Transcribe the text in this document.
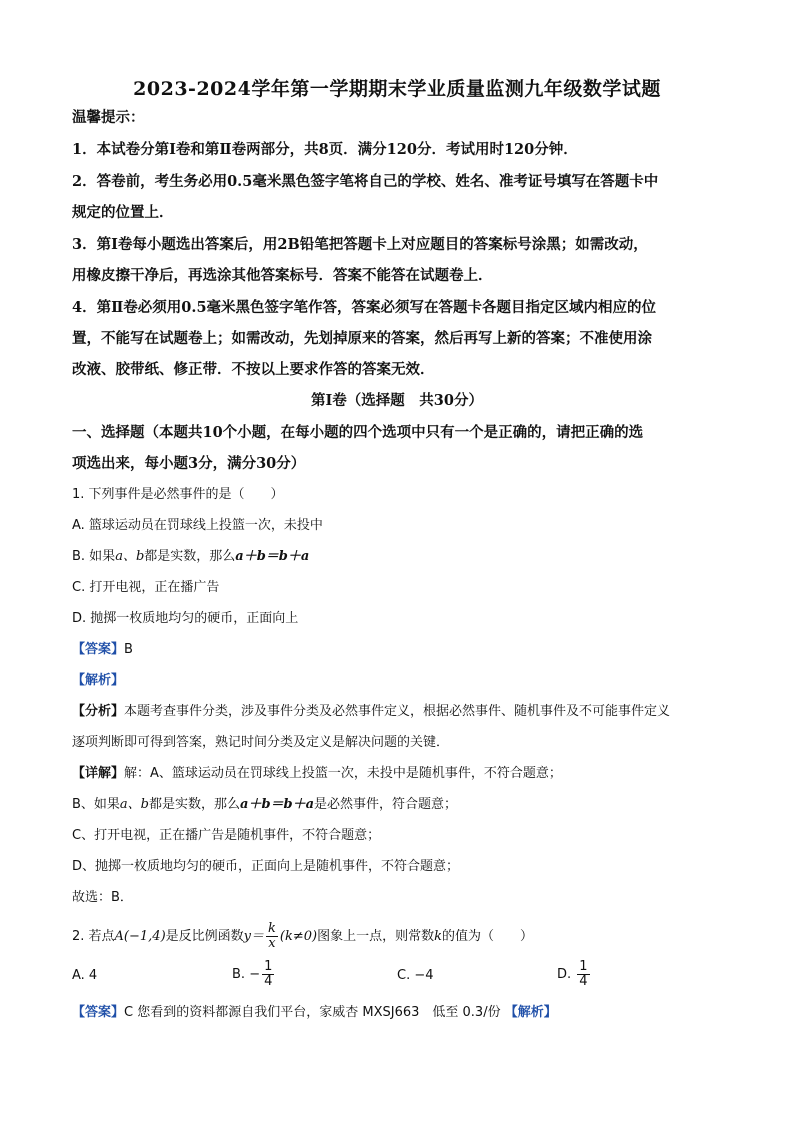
2023-2024学年第一学期期末学业质量监测九年级数学试题
温馨提示：
1．本试卷分第Ⅰ卷和第Ⅱ卷两部分，共8页．满分120分．考试用时120分钟．
2．答卷前，考生务必用0.5毫米黑色签字笔将自己的学校、姓名、准考证号填写在答题卡中
规定的位置上．
3．第Ⅰ卷每小题选出答案后，用2B铅笔把答题卡上对应题目的答案标号涂黑；如需改动，
用橡皮擦干净后，再选涂其他答案标号．答案不能答在试题卷上．
4．第Ⅱ卷必须用0.5毫米黑色签字笔作答，答案必须写在答题卡各题目指定区域内相应的位
置，不能写在试题卷上；如需改动，先划掉原来的答案，然后再写上新的答案；不准使用涂
改液、胶带纸、修正带．不按以上要求作答的答案无效．
第Ⅰ卷（选择题　共30分）
一、选择题（本题共10个小题，在每小题的四个选项中只有一个是正确的，请把正确的选
项选出来，每小题3分，满分30分）
1. 下列事件是必然事件的是（　　）
A. 篮球运动员在罚球线上投篮一次，未投中
B. 如果a、b都是实数，那么a＋b＝b＋a
C. 打开电视，正在播广告
D. 抛掷一枚质地均匀的硬币，正面向上
【答案】B
【解析】
【分析】本题考查事件分类，涉及事件分类及必然事件定义，根据必然事件、随机事件及不可能事件定义
逐项判断即可得到答案，熟记时间分类及定义是解决问题的关键．
【详解】解：A、篮球运动员在罚球线上投篮一次，未投中是随机事件，不符合题意；
B、如果a、b都是实数，那么a＋b＝b＋a是必然事件，符合题意；
C、打开电视，正在播广告是随机事件，不符合题意；
D、抛掷一枚质地均匀的硬币，正面向上是随机事件，不符合题意；
故选：B．
2. 若点A(−1,4)是反比例函数$y= \frac{k}{x} (k\ne 0)$图象上一点，则常数k的值为（　　）
A. 4	B. − $\frac{1}{4}$	C. −4	D. $\frac{1}{4}$
【答案】C 您看到的资料都源自我们平台，家威杏 MXSJ663　低至 0.3/份 【解析】
